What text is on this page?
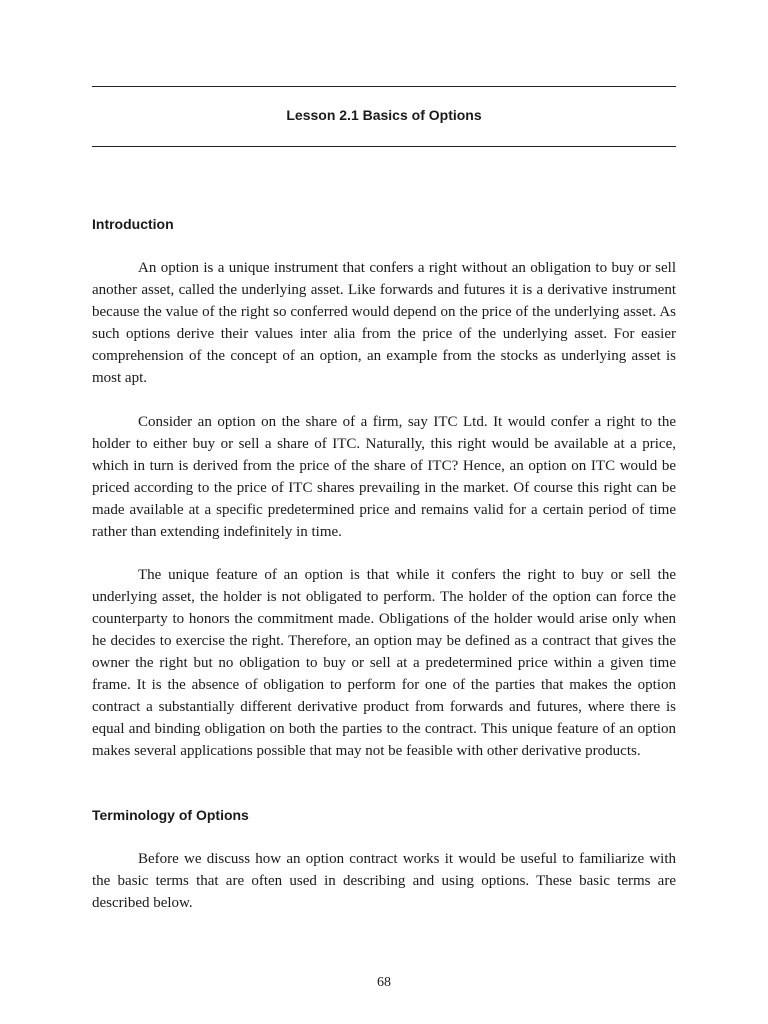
Lesson 2.1 Basics of Options
Introduction

An option is a unique instrument that confers a right without an obligation to buy or sell another asset, called the underlying asset. Like forwards and futures it is a derivative instrument because the value of the right so conferred would depend on the price of the underlying asset. As such options derive their values inter alia from the price of the underlying asset. For easier comprehension of the concept of an option, an example from the stocks as underlying asset is most apt.

Consider an option on the share of a firm, say ITC Ltd. It would confer a right to the holder to either buy or sell a share of ITC. Naturally, this right would be available at a price, which in turn is derived from the price of the share of ITC? Hence, an option on ITC would be priced according to the price of ITC shares prevailing in the market. Of course this right can be made available at a specific predetermined price and remains valid for a certain period of time rather than extending indefinitely in time.

The unique feature of an option is that while it confers the right to buy or sell the underlying asset, the holder is not obligated to perform. The holder of the option can force the counterparty to honors the commitment made. Obligations of the holder would arise only when he decides to exercise the right. Therefore, an option may be defined as a contract that gives the owner the right but no obligation to buy or sell at a predetermined price within a given time frame. It is the absence of obligation to perform for one of the parties that makes the option contract a substantially different derivative product from forwards and futures, where there is equal and binding obligation on both the parties to the contract. This unique feature of an option makes several applications possible that may not be feasible with other derivative products.

Terminology of Options

Before we discuss how an option contract works it would be useful to familiarize with the basic terms that are often used in describing and using options. These basic terms are described below.

68
